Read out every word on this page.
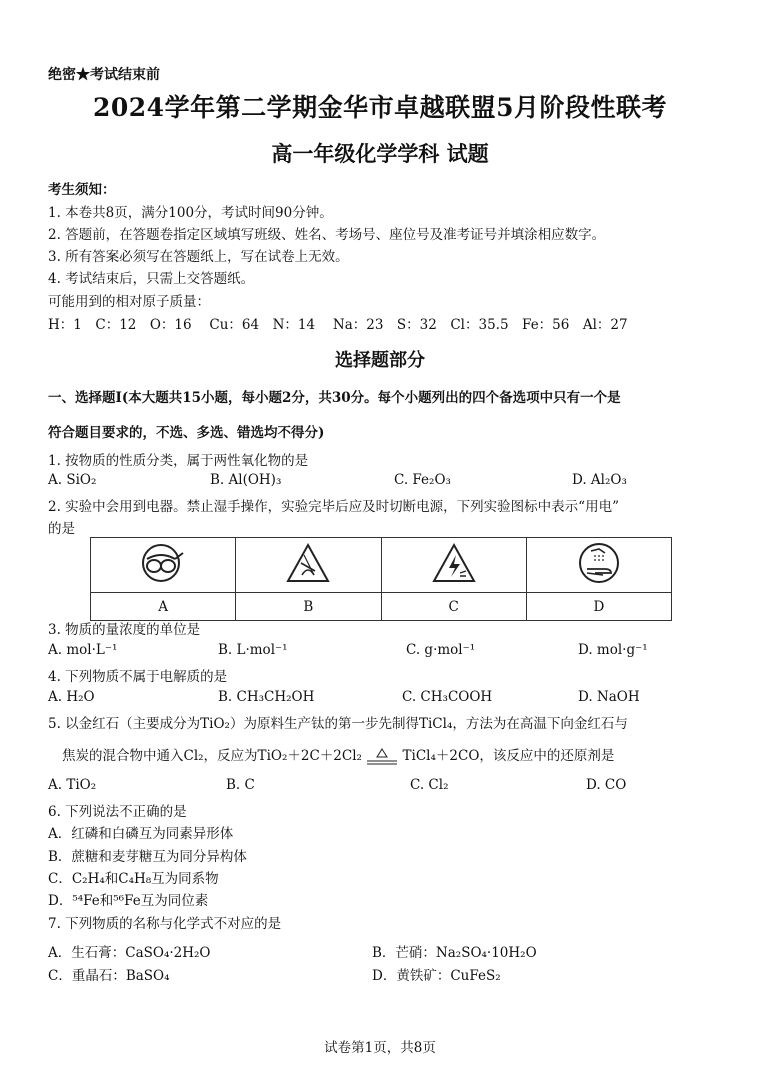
绝密★考试结束前
2024学年第二学期金华市卓越联盟5月阶段性联考
高一年级化学学科 试题
考生须知：
1. 本卷共8页，满分100分，考试时间90分钟。
2. 答题前，在答题卷指定区域填写班级、姓名、考场号、座位号及准考证号并填涂相应数字。
3. 所有答案必须写在答题纸上，写在试卷上无效。
4. 考试结束后，只需上交答题纸。
可能用到的相对原子质量：
H：1　C：12　O：16　 Cu：64　N：14　 Na：23　S：32　Cl：35.5　Fe：56　Al：27
选择题部分
一、选择题I(本大题共15小题，每小题2分，共30分。每个小题列出的四个备选项中只有一个是
符合题目要求的，不选、多选、错选均不得分)
1. 按物质的性质分类，属于两性氧化物的是
A. SiO₂	B. Al(OH)₃	C. Fe₂O₃	D. Al₂O₃
2. 实验中会用到电器。禁止湿手操作，实验完毕后应及时切断电源，下列实验图标中表示“用电”
的是

A	B	C	D
3. 物质的量浓度的单位是
A. mol·L⁻¹	B. L·mol⁻¹	C. g·mol⁻¹	D. mol·g⁻¹
4. 下列物质不属于电解质的是
A. H₂O	B. CH₃CH₂OH	C. CH₃COOH	D. NaOH
5. 以金红石（主要成分为TiO₂）为原料生产钛的第一步先制得TiCl₄，方法为在高温下向金红石与
焦炭的混合物中通入Cl₂，反应为TiO₂＋2C＋2Cl₂	TiCl₄＋2CO，该反应中的还原剂是
A. TiO₂	B. C	C. Cl₂	D. CO
6. 下列说法不正确的是
A．红磷和白磷互为同素异形体
B．蔗糖和麦芽糖互为同分异构体
C．C₂H₄和C₄H₈互为同系物
D．⁵⁴Fe和⁵⁶Fe互为同位素
7. 下列物质的名称与化学式不对应的是
A．生石膏：CaSO₄·2H₂O	B．芒硝：Na₂SO₄·10H₂O
C．重晶石：BaSO₄	D．黄铁矿：CuFeS₂
试卷第1页，共8页
